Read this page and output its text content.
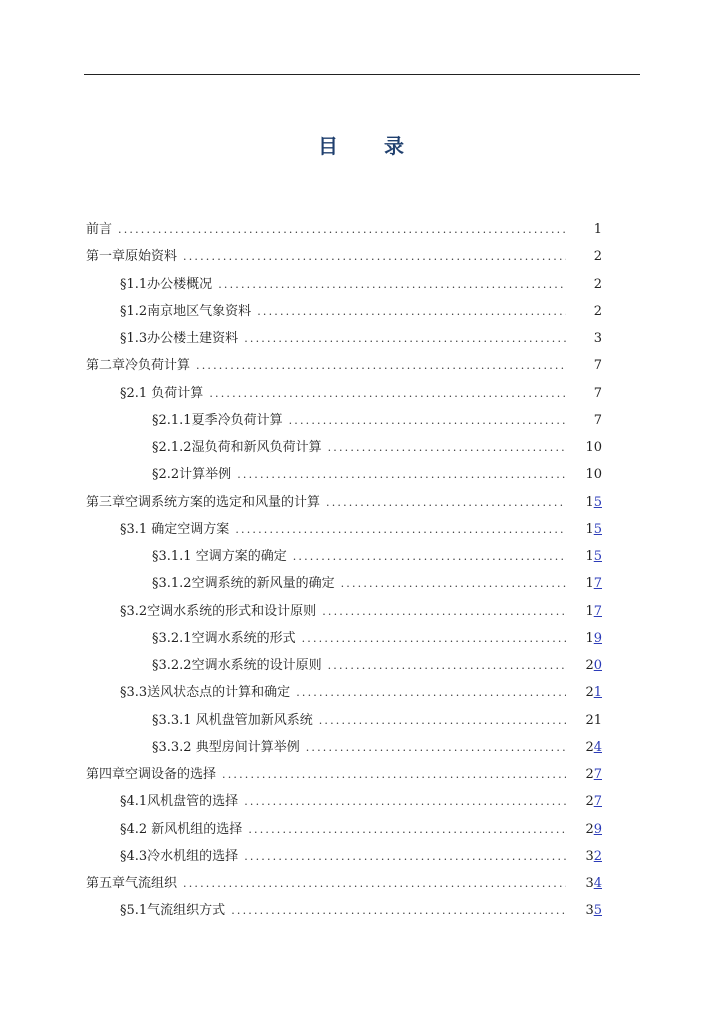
目　　录
前言 .....	1
第一章原始资料 .....	2
§1.1办公楼概况 .....	2
§1.2南京地区气象资料 .....	2
§1.3办公楼土建资料 .....	3
第二章冷负荷计算 .....	7
§2.1 负荷计算 .....	7
§2.1.1夏季冷负荷计算 .....	7
§2.1.2湿负荷和新风负荷计算 .....	10
§2.2计算举例 .....	10
第三章空调系统方案的选定和风量的计算 .....	15
§3.1 确定空调方案 .....	15
§3.1.1 空调方案的确定 .....	15
§3.1.2空调系统的新风量的确定 .....	17
§3.2空调水系统的形式和设计原则 .....	17
§3.2.1空调水系统的形式 .....	19
§3.2.2空调水系统的设计原则 .....	20
§3.3送风状态点的计算和确定 .....	21
§3.3.1 风机盘管加新风系统 .....	21
§3.3.2 典型房间计算举例 .....	24
第四章空调设备的选择 .....	27
§4.1风机盘管的选择 .....	27
§4.2 新风机组的选择 .....	29
§4.3冷水机组的选择 .....	32
第五章气流组织 .....	34
§5.1气流组织方式 .....	35
